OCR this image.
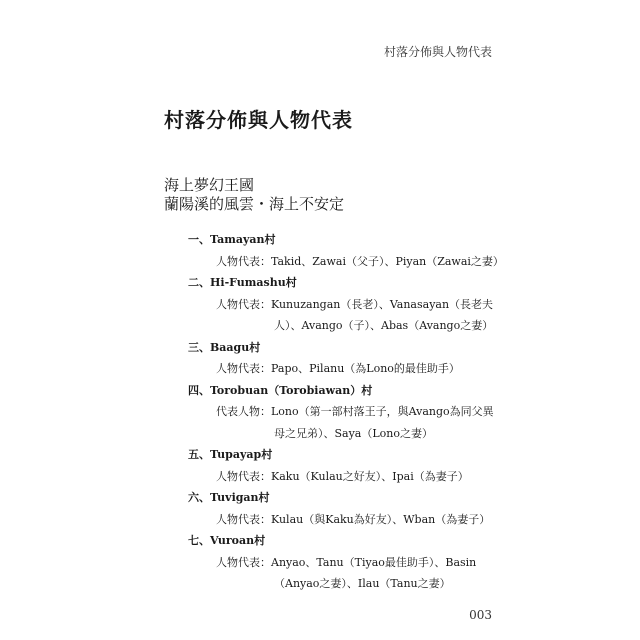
村落分佈與人物代表
村落分佈與人物代表
海上夢幻王國
蘭陽溪的風雲・海上不安定
一、Tamayan村
人物代表：Takid、Zawai（父子）、Piyan（Zawai之妻）
二、Hi-Fumashu村
人物代表：Kunuzangan（長老）、Vanasayan（長老夫
人）、Avango（子）、Abas（Avango之妻）
三、Baagu村
人物代表：Papo、Pilanu（為Lono的最佳助手）
四、Torobuan（Torobiawan）村
代表人物：Lono（第一部村落王子，與Avango為同父異
母之兄弟）、Saya（Lono之妻）
五、Tupayap村
人物代表：Kaku（Kulau之好友）、Ipai（為妻子）
六、Tuvigan村
人物代表：Kulau（與Kaku為好友）、Wban（為妻子）
七、Vuroan村
人物代表：Anyao、Tanu（Tiyao最佳助手）、Basin
（Anyao之妻）、Ilau（Tanu之妻）
003
